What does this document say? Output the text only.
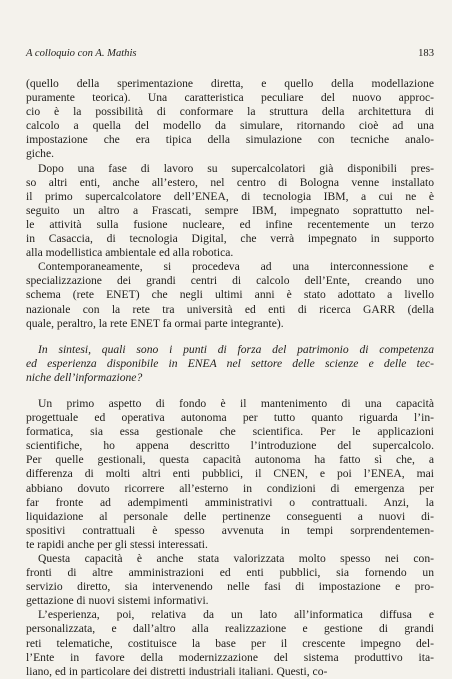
A colloquio con A. Mathis	183
(quello della sperimentazione diretta, e quello della modellazione
puramente teorica). Una caratteristica peculiare del nuovo approc-
cio è la possibilità di conformare la struttura della architettura di
calcolo a quella del modello da simulare, ritornando cioè ad una
impostazione che era tipica della simulazione con tecniche analo-
giche.
Dopo una fase di lavoro su supercalcolatori già disponibili pres-
so altri enti, anche all’estero, nel centro di Bologna venne installato
il primo supercalcolatore dell’ENEA, di tecnologia IBM, a cui ne è
seguito un altro a Frascati, sempre IBM, impegnato soprattutto nel-
le attività sulla fusione nucleare, ed infine recentemente un terzo
in Casaccia, di tecnologia Digital, che verrà impegnato in supporto
alla modellistica ambientale ed alla robotica.
Contemporaneamente, si procedeva ad una interconnessione e
specializzazione dei grandi centri di calcolo dell’Ente, creando uno
schema (rete ENET) che negli ultimi anni è stato adottato a livello
nazionale con la rete tra università ed enti di ricerca GARR (della
quale, peraltro, la rete ENET fa ormai parte integrante).
In sintesi, quali sono i punti di forza del patrimonio di competenza
ed esperienza disponibile in ENEA nel settore delle scienze e delle tec-
niche dell’informazione?
Un primo aspetto di fondo è il mantenimento di una capacità
progettuale ed operativa autonoma per tutto quanto riguarda l’in-
formatica, sia essa gestionale che scientifica. Per le applicazioni
scientifiche, ho appena descritto l’introduzione del supercalcolo.
Per quelle gestionali, questa capacità autonoma ha fatto sì che, a
differenza di molti altri enti pubblici, il CNEN, e poi l’ENEA, mai
abbiano dovuto ricorrere all’esterno in condizioni di emergenza per
far fronte ad adempimenti amministrativi o contrattuali. Anzi, la
liquidazione al personale delle pertinenze conseguenti a nuovi di-
spositivi contrattuali è spesso avvenuta in tempi sorprendentemen-
te rapidi anche per gli stessi interessati.
Questa capacità è anche stata valorizzata molto spesso nei con-
fronti di altre amministrazioni ed enti pubblici, sia fornendo un
servizio diretto, sia intervenendo nelle fasi di impostazione e pro-
gettazione di nuovi sistemi informativi.
L’esperienza, poi, relativa da un lato all’informatica diffusa e
personalizzata, e dall’altro alla realizzazione e gestione di grandi
reti telematiche, costituisce la base per il crescente impegno del-
l’Ente in favore della modernizzazione del sistema produttivo ita-
liano, ed in particolare dei distretti industriali italiani. Questi, co-
